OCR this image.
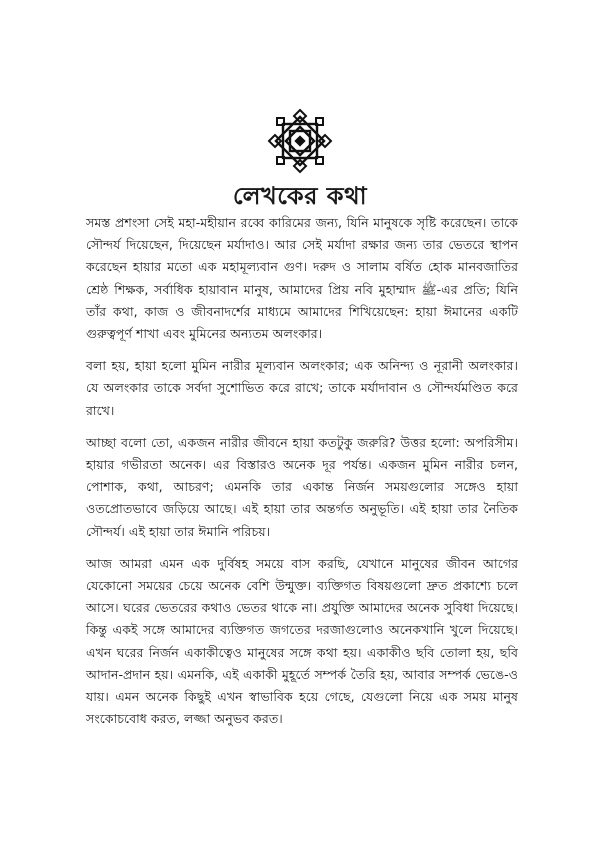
লেখকের কথা

সমস্ত প্রশংসা সেই মহা-মহীয়ান রব্বে কারিমের জন্য, যিনি মানুষকে সৃষ্টি করেছেন। তাকে সৌন্দর্য দিয়েছেন, দিয়েছেন মর্যাদাও। আর সেই মর্যাদা রক্ষার জন্য তার ভেতরে স্থাপন করেছেন হায়ার মতো এক মহামূল্যবান গুণ। দরুদ ও সালাম বর্ষিত হোক মানবজাতির শ্রেষ্ঠ শিক্ষক, সর্বাধিক হায়াবান মানুষ, আমাদের প্রিয় নবি মুহাম্মাদ ﷺ-এর প্রতি; যিনি তাঁর কথা, কাজ ও জীবনাদর্শের মাধ্যমে আমাদের শিখিয়েছেন: হায়া ঈমানের একটি গুরুত্বপূর্ণ শাখা এবং মুমিনের অন্যতম অলংকার।

বলা হয়, হায়া হলো মুমিন নারীর মূল্যবান অলংকার; এক অনিন্দ্য ও নূরানী অলংকার। যে অলংকার তাকে সর্বদা সুশোভিত করে রাখে; তাকে মর্যাদাবান ও সৌন্দর্যমণ্ডিত করে রাখে।

আচ্ছা বলো তো, একজন নারীর জীবনে হায়া কতটুকু জরুরি? উত্তর হলো: অপরিসীম। হায়ার গভীরতা অনেক। এর বিস্তারও অনেক দূর পর্যন্ত। একজন মুমিন নারীর চলন, পোশাক, কথা, আচরণ; এমনকি তার একান্ত নির্জন সময়গুলোর সঙ্গেও হায়া ওতপ্রোতভাবে জড়িয়ে আছে। এই হায়া তার অন্তর্গত অনুভূতি। এই হায়া তার নৈতিক সৌন্দর্য। এই হায়া তার ঈমানি পরিচয়।

আজ আমরা এমন এক দুর্বিষহ সময়ে বাস করছি, যেখানে মানুষের জীবন আগের যেকোনো সময়ের চেয়ে অনেক বেশি উন্মুক্ত। ব্যক্তিগত বিষয়গুলো দ্রুত প্রকাশ্যে চলে আসে। ঘরের ভেতরের কথাও ভেতর থাকে না। প্রযুক্তি আমাদের অনেক সুবিধা দিয়েছে। কিন্তু একই সঙ্গে আমাদের ব্যক্তিগত জগতের দরজাগুলোও অনেকখানি খুলে দিয়েছে। এখন ঘরের নির্জন একাকীত্বেও মানুষের সঙ্গে কথা হয়। একাকীও ছবি তোলা হয়, ছবি আদান-প্রদান হয়। এমনকি, এই একাকী মুহূর্তে সম্পর্ক তৈরি হয়, আবার সম্পর্ক ভেঙে-ও যায়। এমন অনেক কিছুই এখন স্বাভাবিক হয়ে গেছে, যেগুলো নিয়ে এক সময় মানুষ সংকোচবোধ করত, লজ্জা অনুভব করত।
